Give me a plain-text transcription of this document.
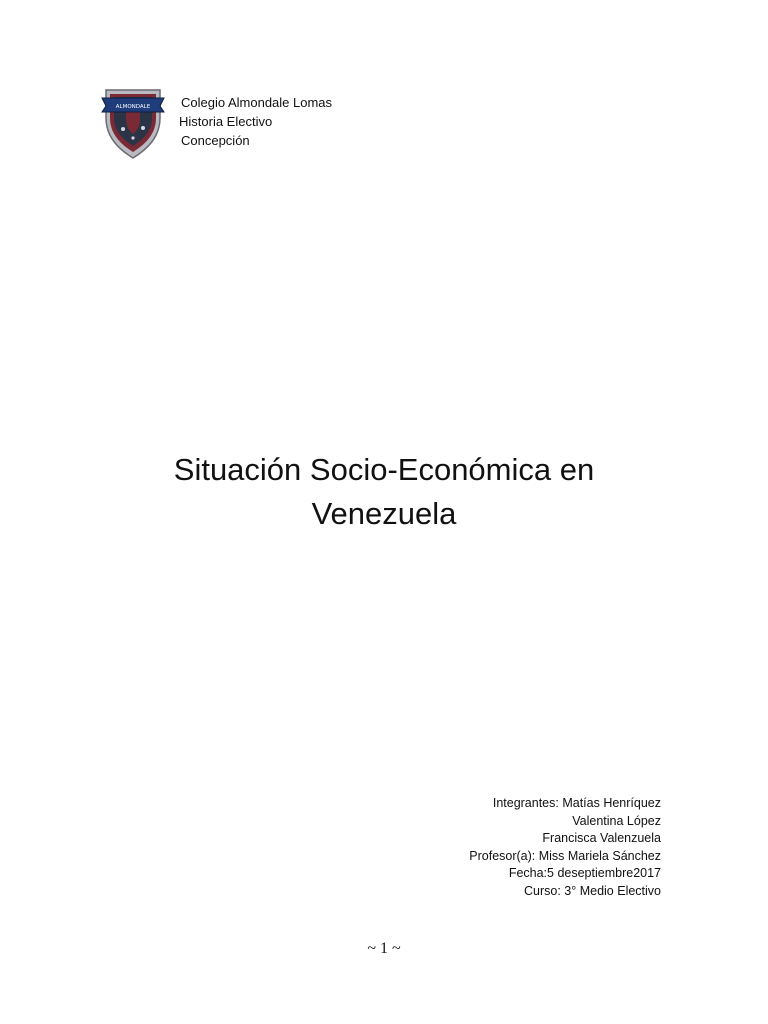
ALMONDALE Colegio Almondale Lomas
Historia Electivo
Concepción
Situación Socio-Económica en
Venezuela
Integrantes: Matías Henríquez
Valentina López
Francisca Valenzuela
Profesor(a): Miss Mariela Sánchez
Fecha:5 deseptiembre2017
Curso: 3° Medio Electivo
~ 1 ~
